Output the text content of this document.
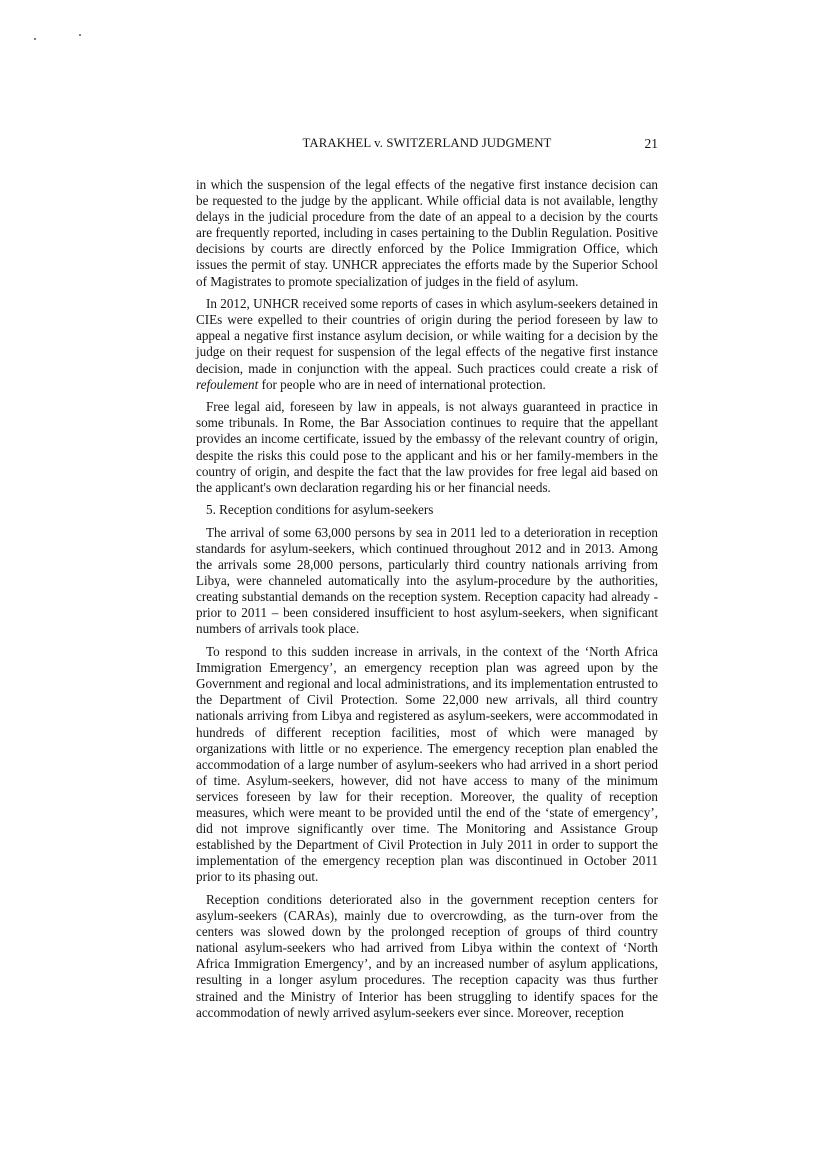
TARAKHEL v. SWITZERLAND JUDGMENT	21

in which the suspension of the legal effects of the negative first instance decision can be requested to the judge by the applicant. While official data is not available, lengthy delays in the judicial procedure from the date of an appeal to a decision by the courts are frequently reported, including in cases pertaining to the Dublin Regulation. Positive decisions by courts are directly enforced by the Police Immigration Office, which issues the permit of stay. UNHCR appreciates the efforts made by the Superior School of Magistrates to promote specialization of judges in the field of asylum.

In 2012, UNHCR received some reports of cases in which asylum-seekers detained in CIEs were expelled to their countries of origin during the period foreseen by law to appeal a negative first instance asylum decision, or while waiting for a decision by the judge on their request for suspension of the legal effects of the negative first instance decision, made in conjunction with the appeal. Such practices could create a risk of refoulement for people who are in need of international protection.

Free legal aid, foreseen by law in appeals, is not always guaranteed in practice in some tribunals. In Rome, the Bar Association continues to require that the appellant provides an income certificate, issued by the embassy of the relevant country of origin, despite the risks this could pose to the applicant and his or her family-members in the country of origin, and despite the fact that the law provides for free legal aid based on the applicant's own declaration regarding his or her financial needs.

5. Reception conditions for asylum-seekers

The arrival of some 63,000 persons by sea in 2011 led to a deterioration in reception standards for asylum-seekers, which continued throughout 2012 and in 2013. Among the arrivals some 28,000 persons, particularly third country nationals arriving from Libya, were channeled automatically into the asylum-procedure by the authorities, creating substantial demands on the reception system. Reception capacity had already - prior to 2011 – been considered insufficient to host asylum-seekers, when significant numbers of arrivals took place.

To respond to this sudden increase in arrivals, in the context of the ‘North Africa Immigration Emergency’, an emergency reception plan was agreed upon by the Government and regional and local administrations, and its implementation entrusted to the Department of Civil Protection. Some 22,000 new arrivals, all third country nationals arriving from Libya and registered as asylum-seekers, were accommodated in hundreds of different reception facilities, most of which were managed by organizations with little or no experience. The emergency reception plan enabled the accommodation of a large number of asylum-seekers who had arrived in a short period of time. Asylum-seekers, however, did not have access to many of the minimum services foreseen by law for their reception. Moreover, the quality of reception measures, which were meant to be provided until the end of the ‘state of emergency’, did not improve significantly over time. The Monitoring and Assistance Group established by the Department of Civil Protection in July 2011 in order to support the implementation of the emergency reception plan was discontinued in October 2011 prior to its phasing out.

Reception conditions deteriorated also in the government reception centers for asylum-seekers (CARAs), mainly due to overcrowding, as the turn-over from the centers was slowed down by the prolonged reception of groups of third country national asylum-seekers who had arrived from Libya within the context of ‘North Africa Immigration Emergency’, and by an increased number of asylum applications, resulting in a longer asylum procedures. The reception capacity was thus further strained and the Ministry of Interior has been struggling to identify spaces for the accommodation of newly arrived asylum-seekers ever since. Moreover, reception
